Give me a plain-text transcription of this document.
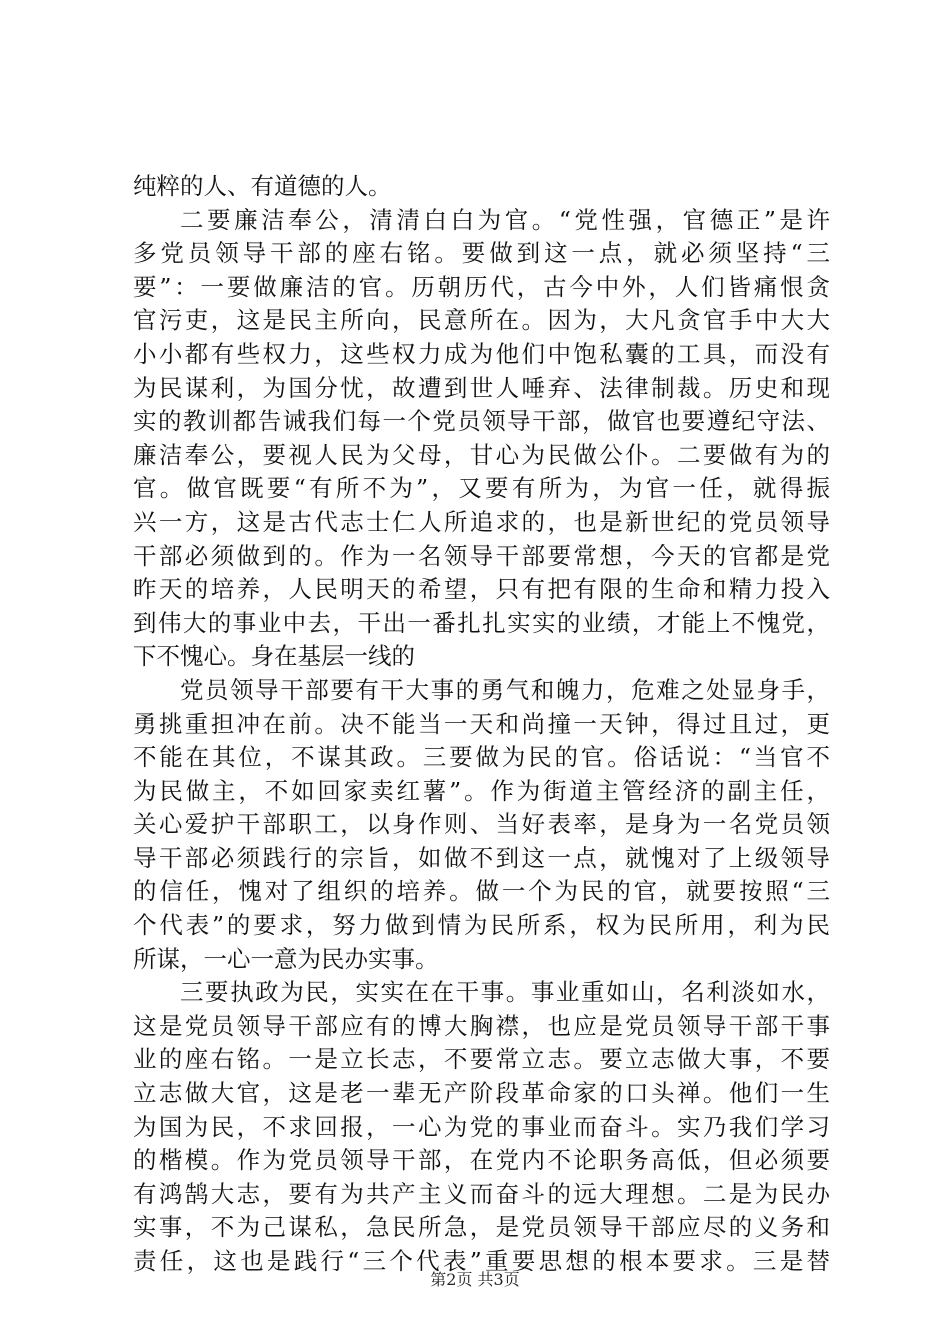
纯粹的人、有道德的人。
二要廉洁奉公，清清白白为官。“党性强，官德正”是许
多党员领导干部的座右铭。要做到这一点，就必须坚持“三
要”：一要做廉洁的官。历朝历代，古今中外，人们皆痛恨贪
官污吏，这是民主所向，民意所在。因为，大凡贪官手中大大
小小都有些权力，这些权力成为他们中饱私囊的工具，而没有
为民谋利，为国分忧，故遭到世人唾弃、法律制裁。历史和现
实的教训都告诫我们每一个党员领导干部，做官也要遵纪守法、
廉洁奉公，要视人民为父母，甘心为民做公仆。二要做有为的
官。做官既要“有所不为”，又要有所为，为官一任，就得振
兴一方，这是古代志士仁人所追求的，也是新世纪的党员领导
干部必须做到的。作为一名领导干部要常想，今天的官都是党
昨天的培养，人民明天的希望，只有把有限的生命和精力投入
到伟大的事业中去，干出一番扎扎实实的业绩，才能上不愧党，
下不愧心。身在基层一线的
党员领导干部要有干大事的勇气和魄力，危难之处显身手，
勇挑重担冲在前。决不能当一天和尚撞一天钟，得过且过，更
不能在其位，不谋其政。三要做为民的官。俗话说：“当官不
为民做主，不如回家卖红薯”。作为街道主管经济的副主任，
关心爱护干部职工，以身作则、当好表率，是身为一名党员领
导干部必须践行的宗旨，如做不到这一点，就愧对了上级领导
的信任，愧对了组织的培养。做一个为民的官，就要按照“三
个代表”的要求，努力做到情为民所系，权为民所用，利为民
所谋，一心一意为民办实事。
三要执政为民，实实在在干事。事业重如山，名利淡如水，
这是党员领导干部应有的博大胸襟，也应是党员领导干部干事
业的座右铭。一是立长志，不要常立志。要立志做大事，不要
立志做大官，这是老一辈无产阶段革命家的口头禅。他们一生
为国为民，不求回报，一心为党的事业而奋斗。实乃我们学习
的楷模。作为党员领导干部，在党内不论职务高低，但必须要
有鸿鹄大志，要有为共产主义而奋斗的远大理想。二是为民办
实事，不为己谋私，急民所急，是党员领导干部应尽的义务和
责任，这也是践行“三个代表”重要思想的根本要求。三是替
第2页 共3页
